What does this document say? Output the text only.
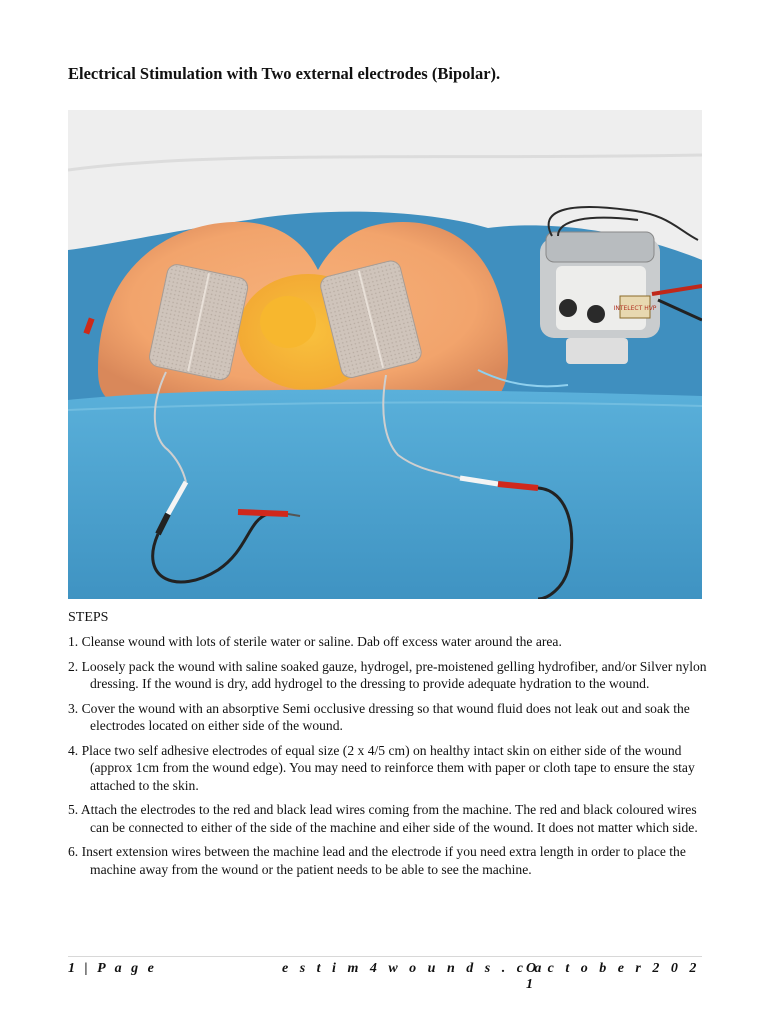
Electrical Stimulation with Two external electrodes (Bipolar).
INTELECT HVP
STEPS
1. Cleanse wound with lots of sterile water or saline. Dab off excess water around the area.
2. Loosely pack the wound with saline soaked gauze, hydrogel, pre-moistened gelling hydrofiber, and/or Silver nylon dressing. If the wound is dry, add hydrogel to the dressing to provide adequate hydration to the wound.
3. Cover the wound with an absorptive Semi occlusive dressing so that wound fluid does not leak out and soak the electrodes located on either side of the wound.
4. Place two self adhesive electrodes of equal size (2 x 4/5 cm) on healthy intact skin on either side of the wound (approx 1cm from the wound edge). You may need to reinforce them with paper or cloth tape to ensure the stay attached to the skin.
5. Attach the electrodes to the red and black lead wires coming from the machine. The red and black coloured wires can be connected to either of the side of the machine and eiher side of the wound. It does not matter which side.
6. Insert extension wires between the machine lead and the electrode if you need extra length in order to place the machine away from the wound or the patient needs to be able to see the machine.
1 | P a g e	e s t i m 4 w o u n d s . c a
O c t o b e r 2 0 2 1
